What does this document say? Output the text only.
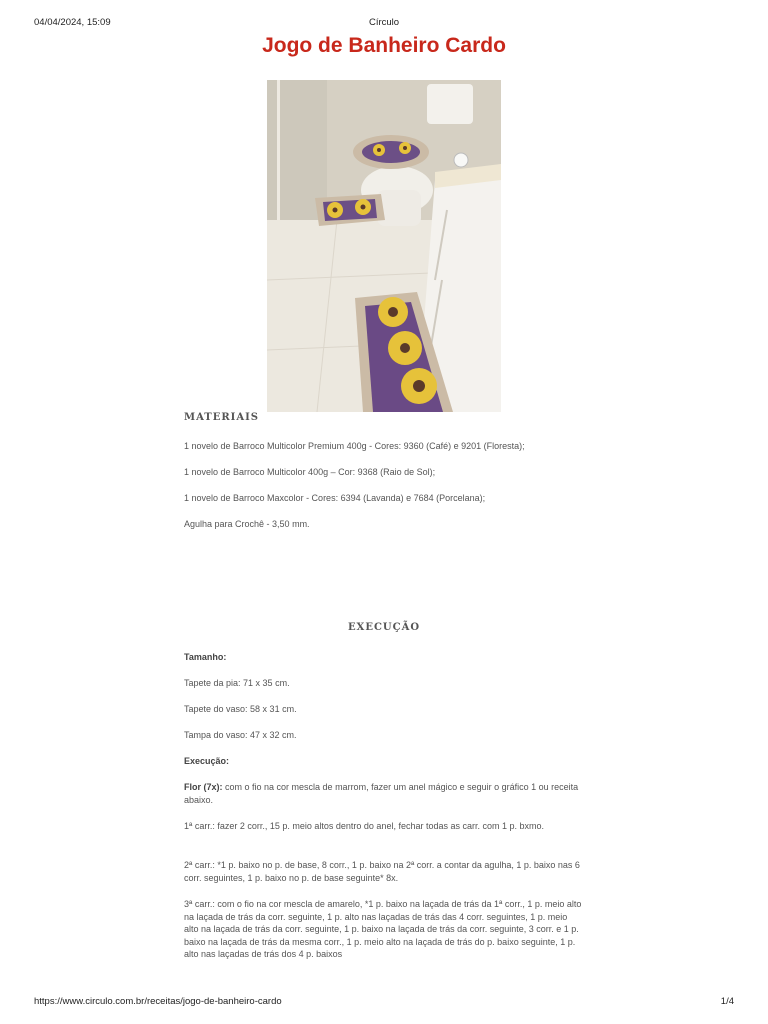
04/04/2024, 15:09	Círculo
Jogo de Banheiro Cardo
MATERIAIS

1 novelo de Barroco Multicolor Premium 400g - Cores: 9360 (Café) e 9201 (Floresta);

1 novelo de Barroco Multicolor 400g – Cor: 9368 (Raio de Sol);

1 novelo de Barroco Maxcolor - Cores: 6394 (Lavanda) e 7684 (Porcelana);

Agulha para Crochê - 3,50 mm.

EXECUÇÃO

Tamanho:

Tapete da pia: 71 x 35 cm.

Tapete do vaso: 58 x 31 cm.

Tampa do vaso: 47 x 32 cm.

Execução:

Flor (7x): com o fio na cor mescla de marrom, fazer um anel mágico e seguir o gráfico 1 ou receita abaixo.

1ª carr.: fazer 2 corr., 15 p. meio altos dentro do anel, fechar todas as carr. com 1 p. bxmo.

2ª carr.: *1 p. baixo no p. de base, 8 corr., 1 p. baixo na 2ª corr. a contar da agulha, 1 p. baixo nas 6 corr. seguintes, 1 p. baixo no p. de base seguinte* 8x.

3ª carr.: com o fio na cor mescla de amarelo, *1 p. baixo na laçada de trás da 1ª corr., 1 p. meio alto na laçada de trás da corr. seguinte, 1 p. alto nas laçadas de trás das 4 corr. seguintes, 1 p. meio alto na laçada de trás da corr. seguinte, 1 p. baixo na laçada de trás da corr. seguinte, 3 corr. e 1 p. baixo na laçada de trás da mesma corr., 1 p. meio alto na laçada de trás do p. baixo seguinte, 1 p. alto nas laçadas de trás dos 4 p. baixos

https://www.circulo.com.br/receitas/jogo-de-banheiro-cardo	1/4
